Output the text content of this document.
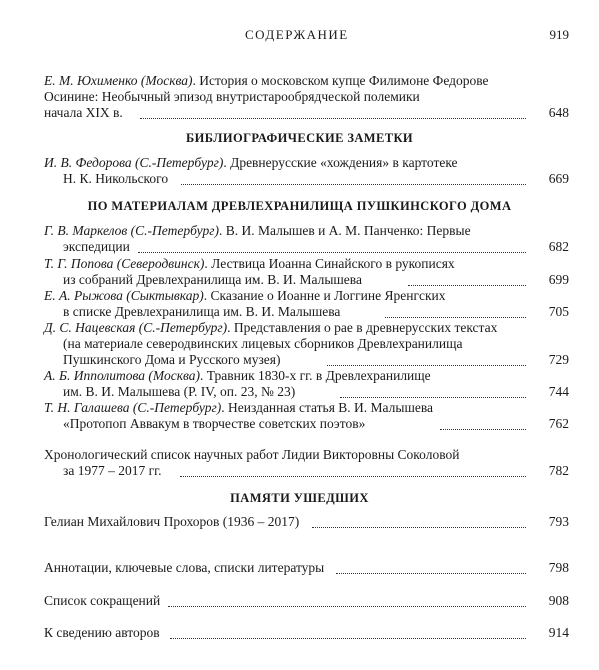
СОДЕРЖАНИЕ	919
Е. М. Юхименко (Москва). История о московском купце Филимоне Федорове
Осинине: Необычный эпизод внутристарообрядческой полемики
начала XIX в.	648
БИБЛИОГРАФИЧЕСКИЕ ЗАМЕТКИ
И. В. Федорова (С.-Петербург). Древнерусские «хождения» в картотеке
Н. К. Никольского	669
ПО МАТЕРИАЛАМ ДРЕВЛЕХРАНИЛИЩА ПУШКИНСКОГО ДОМА
Г. В. Маркелов (С.-Петербург). В. И. Малышев и А. М. Панченко: Первые
экспедиции	682
Т. Г. Попова (Северодвинск). Лествица Иоанна Синайского в рукописях
из собраний Древлехранилища им. В. И. Малышева	699
Е. А. Рыжова (Сыктывкар). Сказание о Иоанне и Логгине Яренгских
в списке Древлехранилища им. В. И. Малышева	705
Д. С. Нацевская (С.-Петербург). Представления о рае в древнерусских текстах
(на материале северодвинских лицевых сборников Древлехранилища
Пушкинского Дома и Русского музея)	729
А. Б. Ипполитова (Москва). Травник 1830-х гг. в Древлехранилище
им. В. И. Малышева (Р. IV, оп. 23, № 23)	744
Т. Н. Галашева (С.-Петербург). Неизданная статья В. И. Малышева
«Протопоп Аввакум в творчестве советских поэтов»	762
Хронологический список научных работ Лидии Викторовны Соколовой
за 1977 – 2017 гг.	782
ПАМЯТИ УШЕДШИХ
Гелиан Михайлович Прохоров (1936 – 2017)	793
Аннотации, ключевые слова, списки литературы	798
Список сокращений	908
К сведению авторов	914
